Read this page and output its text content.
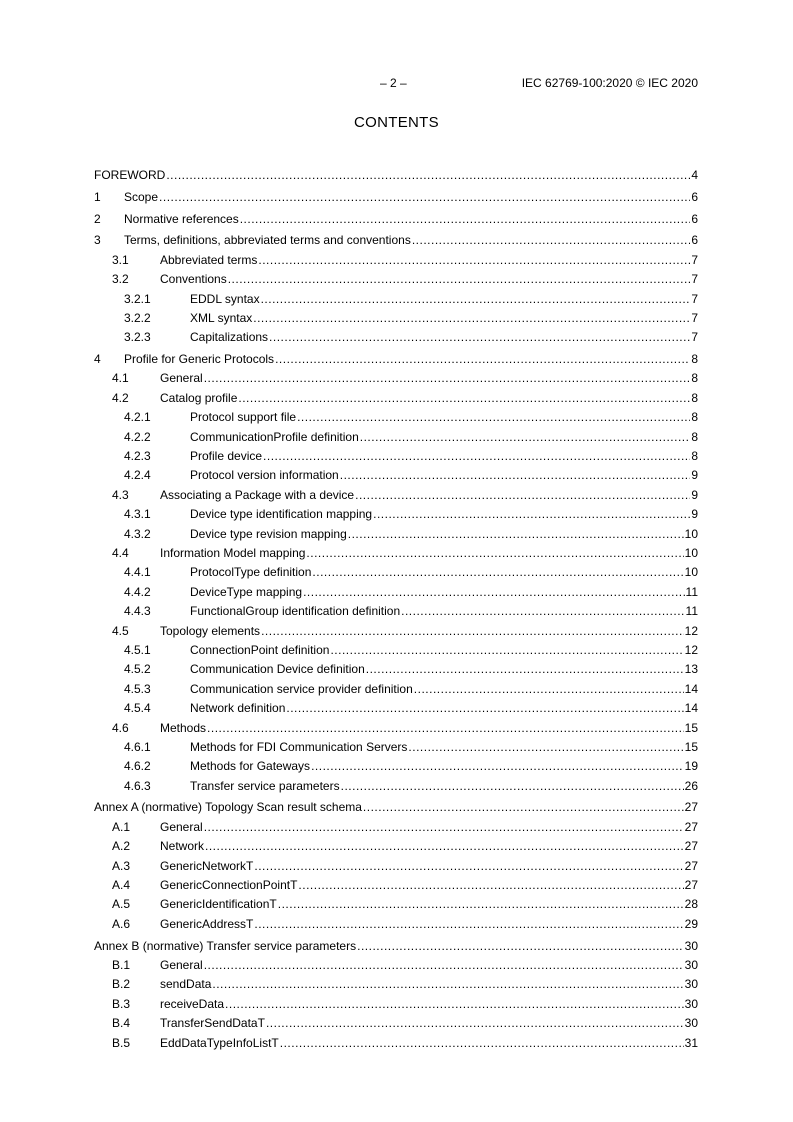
– 2 –	IEC 62769-100:2020 © IEC 2020
CONTENTS
FOREWORD .....	4
1	Scope .....	6
2	Normative references .....	6
3	Terms, definitions, abbreviated terms and conventions .....	6
3.1	Abbreviated terms .....	7
3.2	Conventions .....	7
3.2.1	EDDL syntax .....	7
3.2.2	XML syntax .....	7
3.2.3	Capitalizations .....	7
4	Profile for Generic Protocols .....	8
4.1	General .....	8
4.2	Catalog profile .....	8
4.2.1	Protocol support file .....	8
4.2.2	CommunicationProfile definition .....	8
4.2.3	Profile device .....	8
4.2.4	Protocol version information .....	9
4.3	Associating a Package with a device .....	9
4.3.1	Device type identification mapping .....	9
4.3.2	Device type revision mapping .....	10
4.4	Information Model mapping .....	10
4.4.1	ProtocolType definition .....	10
4.4.2	DeviceType mapping .....	11
4.4.3	FunctionalGroup identification definition .....	11
4.5	Topology elements .....	12
4.5.1	ConnectionPoint definition .....	12
4.5.2	Communication Device definition .....	13
4.5.3	Communication service provider definition .....	14
4.5.4	Network definition .....	14
4.6	Methods .....	15
4.6.1	Methods for FDI Communication Servers .....	15
4.6.2	Methods for Gateways .....	19
4.6.3	Transfer service parameters .....	26
Annex A (normative) Topology Scan result schema .....	27
A.1	General .....	27
A.2	Network .....	27
A.3	GenericNetworkT .....	27
A.4	GenericConnectionPointT .....	27
A.5	GenericIdentificationT .....	28
A.6	GenericAddressT .....	29
Annex B (normative) Transfer service parameters .....	30
B.1	General .....	30
B.2	sendData .....	30
B.3	receiveData .....	30
B.4	TransferSendDataT .....	30
B.5	EddDataTypeInfoListT .....	31
